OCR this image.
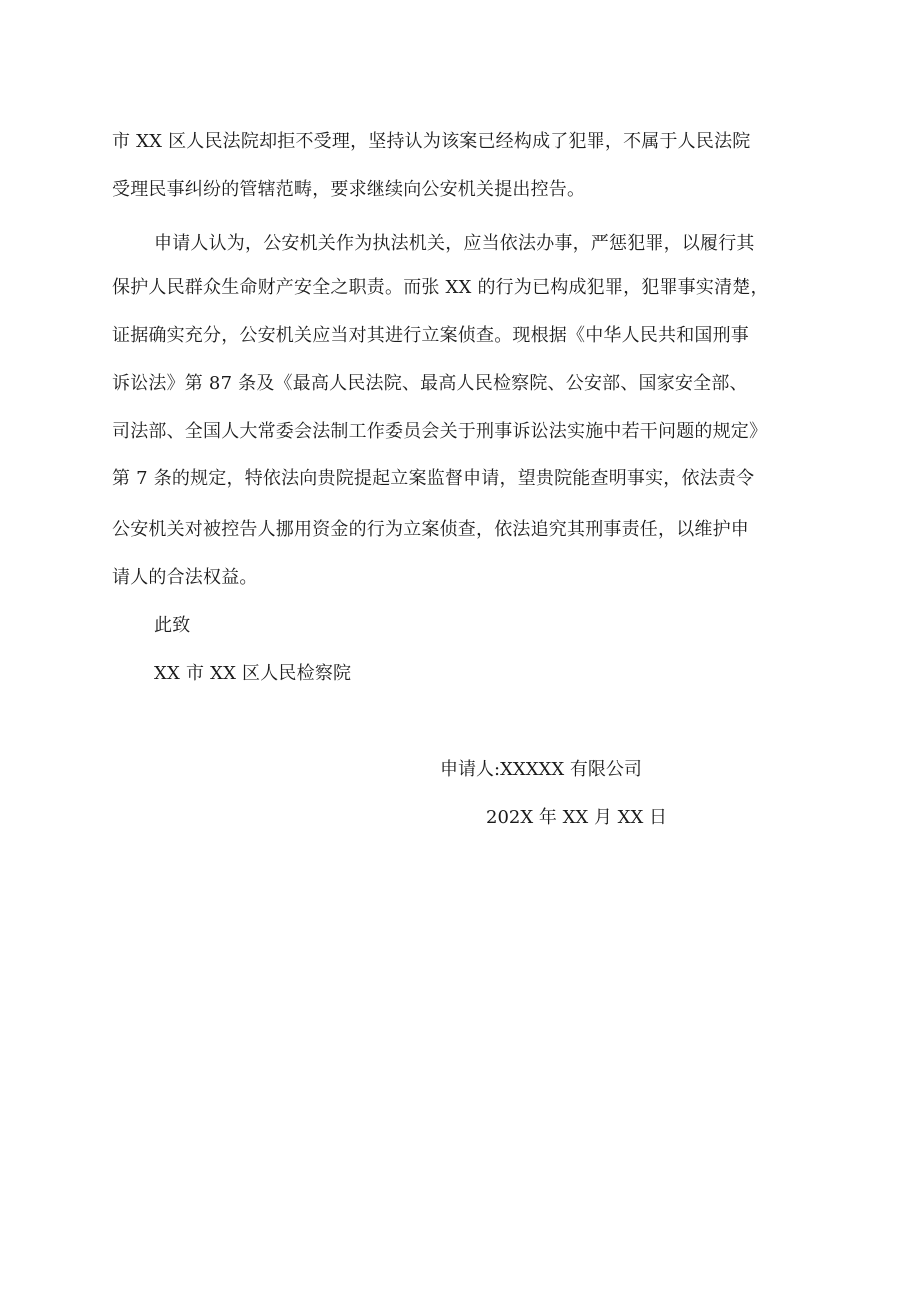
市 XX 区人民法院却拒不受理，坚持认为该案已经构成了犯罪，不属于人民法院
受理民事纠纷的管辖范畴，要求继续向公安机关提出控告。
申请人认为，公安机关作为执法机关，应当依法办事，严惩犯罪，以履行其
保护人民群众生命财产安全之职责。而张 XX 的行为已构成犯罪，犯罪事实清楚，
证据确实充分，公安机关应当对其进行立案侦查。现根据《中华人民共和国刑事
诉讼法》第 87 条及《最高人民法院、最高人民检察院、公安部、国家安全部、
司法部、全国人大常委会法制工作委员会关于刑事诉讼法实施中若干问题的规定》
第 7 条的规定，特依法向贵院提起立案监督申请，望贵院能查明事实，依法责令
公安机关对被控告人挪用资金的行为立案侦查，依法追究其刑事责任，以维护申
请人的合法权益。
此致
XX 市 XX 区人民检察院
申请人:XXXXX 有限公司
202X 年 XX 月 XX 日
